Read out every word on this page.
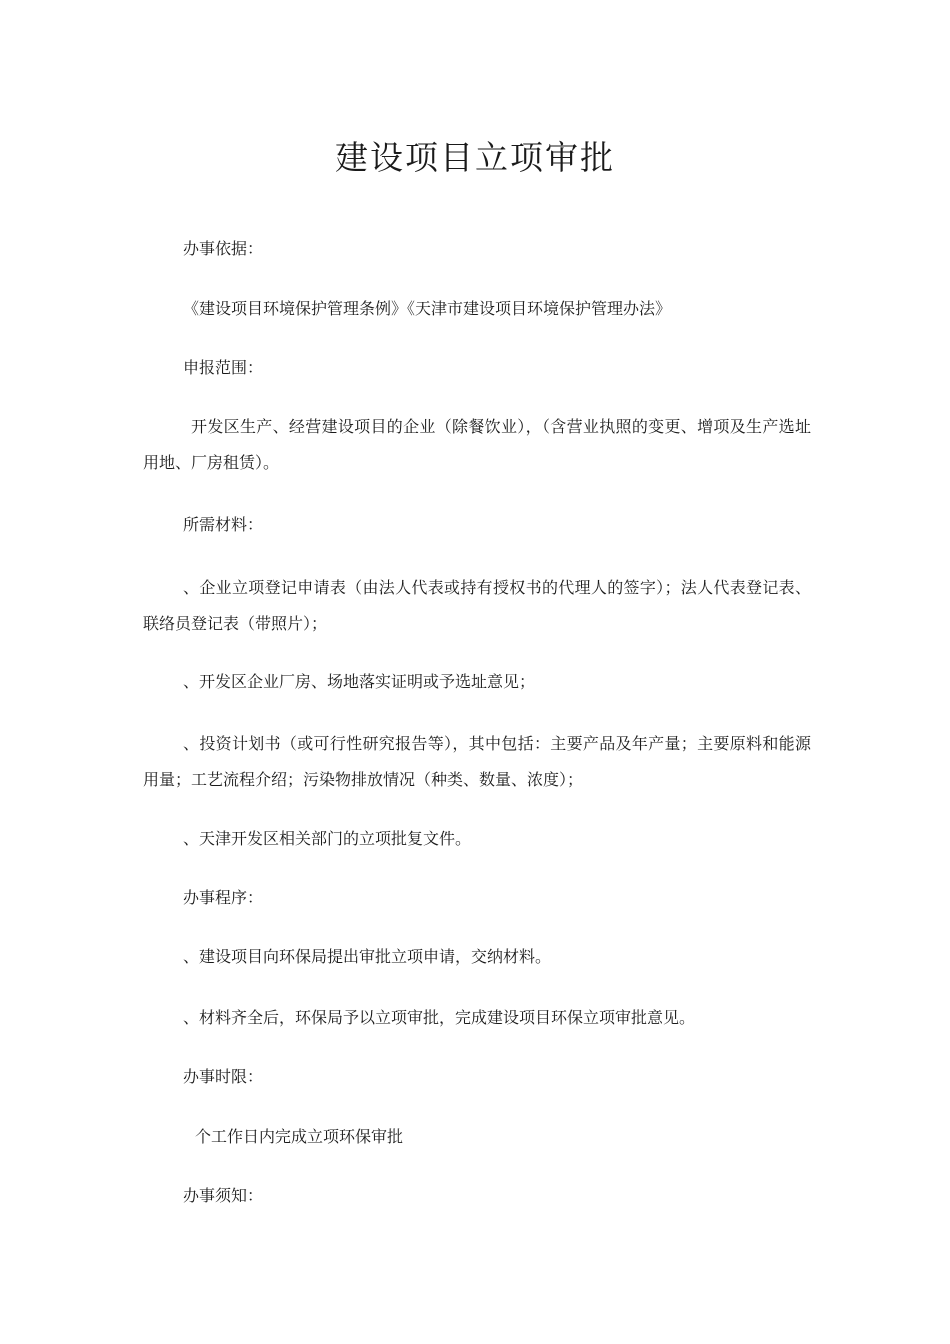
建设项目立项审批

办事依据：

《建设项目环境保护管理条例》《天津市建设项目环境保护管理办法》

申报范围：

开发区生产、经营建设项目的企业（除餐饮业），（含营业执照的变更、增项及生产选址用地、厂房租赁）。

所需材料：

、企业立项登记申请表（由法人代表或持有授权书的代理人的签字）；法人代表登记表、联络员登记表（带照片）；

、开发区企业厂房、场地落实证明或予选址意见；

、投资计划书（或可行性研究报告等），其中包括：主要产品及年产量；主要原料和能源用量；工艺流程介绍；污染物排放情况（种类、数量、浓度）；

、天津开发区相关部门的立项批复文件。

办事程序：

、建设项目向环保局提出审批立项申请，交纳材料。

、材料齐全后，环保局予以立项审批，完成建设项目环保立项审批意见。

办事时限：

个工作日内完成立项环保审批

办事须知：
